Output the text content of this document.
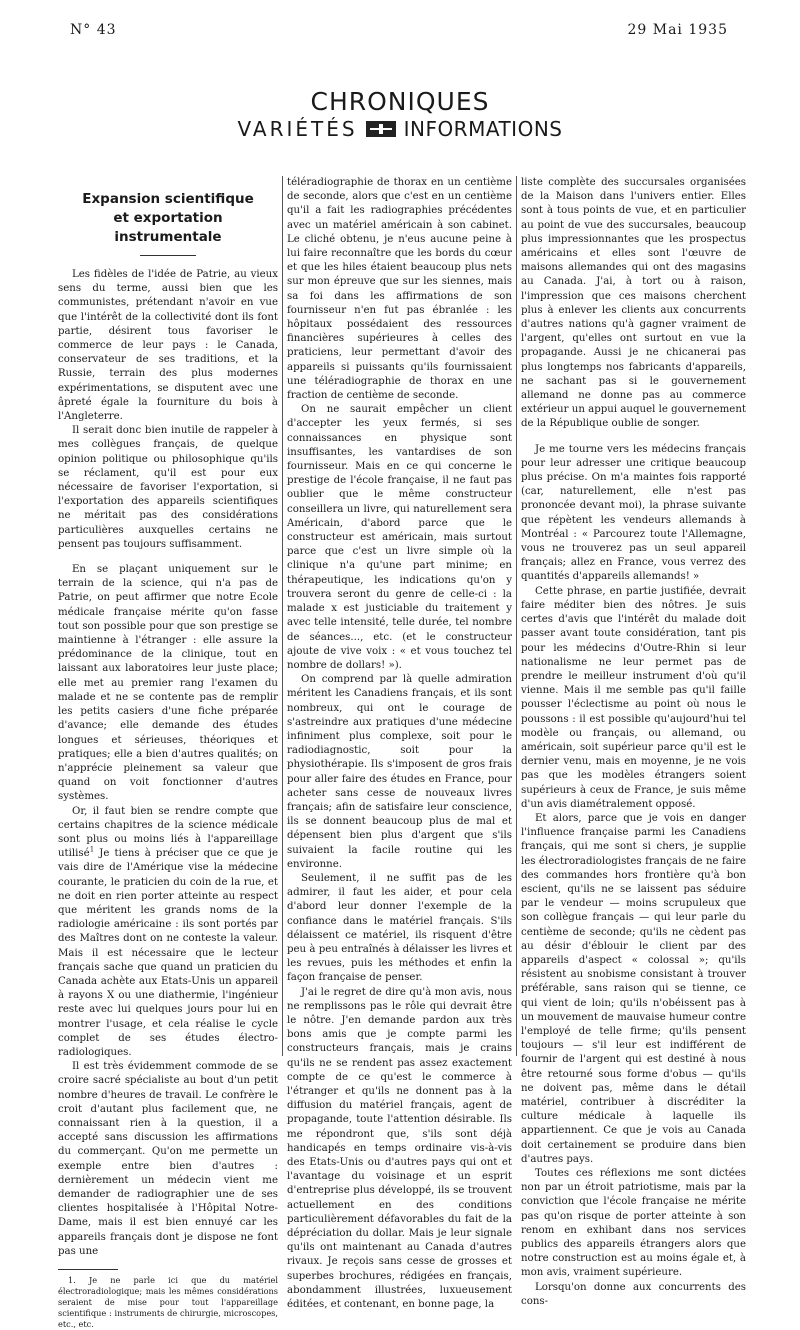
N° 43	29 Mai 1935
CHRONIQUES
VARIÉTÉS INFORMATIONS
Expansion scientifique
et exportation instrumentale

Les fidèles de l'idée de Patrie, au vieux sens du terme, aussi bien que les communistes, prétendant n'avoir en vue que l'intérêt de la collectivité dont ils font partie, désirent tous favoriser le commerce de leur pays : le Canada, conservateur de ses traditions, et la Russie, terrain des plus modernes expérimentations, se disputent avec une âpreté égale la fourniture du bois à l'Angleterre.

Il serait donc bien inutile de rappeler à mes collègues français, de quelque opinion politique ou philosophique qu'ils se réclament, qu'il est pour eux nécessaire de favoriser l'exportation, si l'exportation des appareils scientifiques ne méritait pas des considérations particulières auxquelles certains ne pensent pas toujours suffisamment.

En se plaçant uniquement sur le terrain de la science, qui n'a pas de Patrie, on peut affirmer que notre Ecole médicale française mérite qu'on fasse tout son possible pour que son prestige se maintienne à l'étranger : elle assure la prédominance de la clinique, tout en laissant aux laboratoires leur juste place; elle met au premier rang l'examen du malade et ne se contente pas de remplir les petits casiers d'une fiche préparée d'avance; elle demande des études longues et sérieuses, théoriques et pratiques; elle a bien d'autres qualités; on n'apprécie pleinement sa valeur que quand on voit fonctionner d'autres systèmes.

Or, il faut bien se rendre compte que certains chapitres de la science médicale sont plus ou moins liés à l'appareillage utilisé$^1$ Je tiens à préciser que ce que je vais dire de l'Amérique vise la médecine courante, le praticien du coin de la rue, et ne doit en rien porter atteinte au respect que méritent les grands noms de la radiologie américaine : ils sont portés par des Maîtres dont on ne conteste la valeur. Mais il est nécessaire que le lecteur français sache que quand un praticien du Canada achète aux Etats-Unis un appareil à rayons X ou une diathermie, l'ingénieur reste avec lui quelques jours pour lui en montrer l'usage, et cela réalise le cycle complet de ses études électro-radiologiques.

Il est très évidemment commode de se croire sacré spécialiste au bout d'un petit nombre d'heures de travail. Le confrère le croit d'autant plus facilement que, ne connaissant rien à la question, il a accepté sans discussion les affirmations du commerçant. Qu'on me permette un exemple entre bien d'autres : dernièrement un médecin vient me demander de radiographier une de ses clientes hospitalisée à l'Hôpital Notre-Dame, mais il est bien ennuyé car les appareils français dont je dispose ne font pas une

1. Je ne parle ici que du matériel électroradiologique; mais les mêmes considérations seraient de mise pour tout l'appareillage scientifique : instruments de chirurgie, microscopes, etc., etc.

téléradiographie de thorax en un centième de seconde, alors que c'est en un centième qu'il a fait les radiographies précédentes avec un matériel américain à son cabinet. Le cliché obtenu, je n'eus aucune peine à lui faire reconnaître que les bords du cœur et que les hiles étaient beaucoup plus nets sur mon épreuve que sur les siennes, mais sa foi dans les affirmations de son fournisseur n'en fut pas ébranlée : les hôpitaux possédaient des ressources financières supérieures à celles des praticiens, leur permettant d'avoir des appareils si puissants qu'ils fournissaient une téléradiographie de thorax en une fraction de centième de seconde.

On ne saurait empêcher un client d'accepter les yeux fermés, si ses connaissances en physique sont insuffisantes, les vantardises de son fournisseur. Mais en ce qui concerne le prestige de l'école française, il ne faut pas oublier que le même constructeur conseillera un livre, qui naturellement sera Américain, d'abord parce que le constructeur est américain, mais surtout parce que c'est un livre simple où la clinique n'a qu'une part minime; en thérapeutique, les indications qu'on y trouvera seront du genre de celle-ci : la malade x est justiciable du traitement y avec telle intensité, telle durée, tel nombre de séances..., etc. (et le constructeur ajoute de vive voix : « et vous touchez tel nombre de dollars! »).

On comprend par là quelle admiration méritent les Canadiens français, et ils sont nombreux, qui ont le courage de s'astreindre aux pratiques d'une médecine infiniment plus complexe, soit pour le radiodiagnostic, soit pour la physiothérapie. Ils s'imposent de gros frais pour aller faire des études en France, pour acheter sans cesse de nouveaux livres français; afin de satisfaire leur conscience, ils se donnent beaucoup plus de mal et dépensent bien plus d'argent que s'ils suivaient la facile routine qui les environne.

Seulement, il ne suffit pas de les admirer, il faut les aider, et pour cela d'abord leur donner l'exemple de la confiance dans le matériel français. S'ils délaissent ce matériel, ils risquent d'être peu à peu entraînés à délaisser les livres et les revues, puis les méthodes et enfin la façon française de penser.

J'ai le regret de dire qu'à mon avis, nous ne remplissons pas le rôle qui devrait être le nôtre. J'en demande pardon aux très bons amis que je compte parmi les constructeurs français, mais je crains qu'ils ne se rendent pas assez exactement compte de ce qu'est le commerce à l'étranger et qu'ils ne donnent pas à la diffusion du matériel français, agent de propagande, toute l'attention désirable. Ils me répondront que, s'ils sont déjà handicapés en temps ordinaire vis-à-vis des Etats-Unis ou d'autres pays qui ont et l'avantage du voisinage et un esprit d'entreprise plus développé, ils se trouvent actuellement en des conditions particulièrement défavorables du fait de la dépréciation du dollar. Mais je leur signale qu'ils ont maintenant au Canada d'autres rivaux. Je reçois sans cesse de grosses et superbes brochures, rédigées en français, abondamment illustrées, luxueusement éditées, et contenant, en bonne page, la

liste complète des succursales organisées de la Maison dans l'univers entier. Elles sont à tous points de vue, et en particulier au point de vue des succursales, beaucoup plus impressionnantes que les prospectus américains et elles sont l'œuvre de maisons allemandes qui ont des magasins au Canada. J'ai, à tort ou à raison, l'impression que ces maisons cherchent plus à enlever les clients aux concurrents d'autres nations qu'à gagner vraiment de l'argent, qu'elles ont surtout en vue la propagande. Aussi je ne chicanerai pas plus longtemps nos fabricants d'appareils, ne sachant pas si le gouvernement allemand ne donne pas au commerce extérieur un appui auquel le gouvernement de la République oublie de songer.

Je me tourne vers les médecins français pour leur adresser une critique beaucoup plus précise. On m'a maintes fois rapporté (car, naturellement, elle n'est pas prononcée devant moi), la phrase suivante que répètent les vendeurs allemands à Montréal : « Parcourez toute l'Allemagne, vous ne trouverez pas un seul appareil français; allez en France, vous verrez des quantités d'appareils allemands! »

Cette phrase, en partie justifiée, devrait faire méditer bien des nôtres. Je suis certes d'avis que l'intérêt du malade doit passer avant toute considération, tant pis pour les médecins d'Outre-Rhin si leur nationalisme ne leur permet pas de prendre le meilleur instrument d'où qu'il vienne. Mais il me semble pas qu'il faille pousser l'éclectisme au point où nous le poussons : il est possible qu'aujourd'hui tel modèle ou français, ou allemand, ou américain, soit supérieur parce qu'il est le dernier venu, mais en moyenne, je ne vois pas que les modèles étrangers soient supérieurs à ceux de France, je suis même d'un avis diamétralement opposé.

Et alors, parce que je vois en danger l'influence française parmi les Canadiens français, qui me sont si chers, je supplie les électroradiologistes français de ne faire des commandes hors frontière qu'à bon escient, qu'ils ne se laissent pas séduire par le vendeur — moins scrupuleux que son collègue français — qui leur parle du centième de seconde; qu'ils ne cèdent pas au désir d'éblouir le client par des appareils d'aspect « colossal »; qu'ils résistent au snobisme consistant à trouver préférable, sans raison qui se tienne, ce qui vient de loin; qu'ils n'obéissent pas à un mouvement de mauvaise humeur contre l'employé de telle firme; qu'ils pensent toujours — s'il leur est indifférent de fournir de l'argent qui est destiné à nous être retourné sous forme d'obus — qu'ils ne doivent pas, même dans le détail matériel, contribuer à discréditer la culture médicale à laquelle ils appartiennent. Ce que je vois au Canada doit certainement se produire dans bien d'autres pays.

Toutes ces réflexions me sont dictées non par un étroit patriotisme, mais par la conviction que l'école française ne mérite pas qu'on risque de porter atteinte à son renom en exhibant dans nos services publics des appareils étrangers alors que notre construction est au moins égale et, à mon avis, vraiment supérieure.

Lorsqu'on donne aux concurrents des cons-
